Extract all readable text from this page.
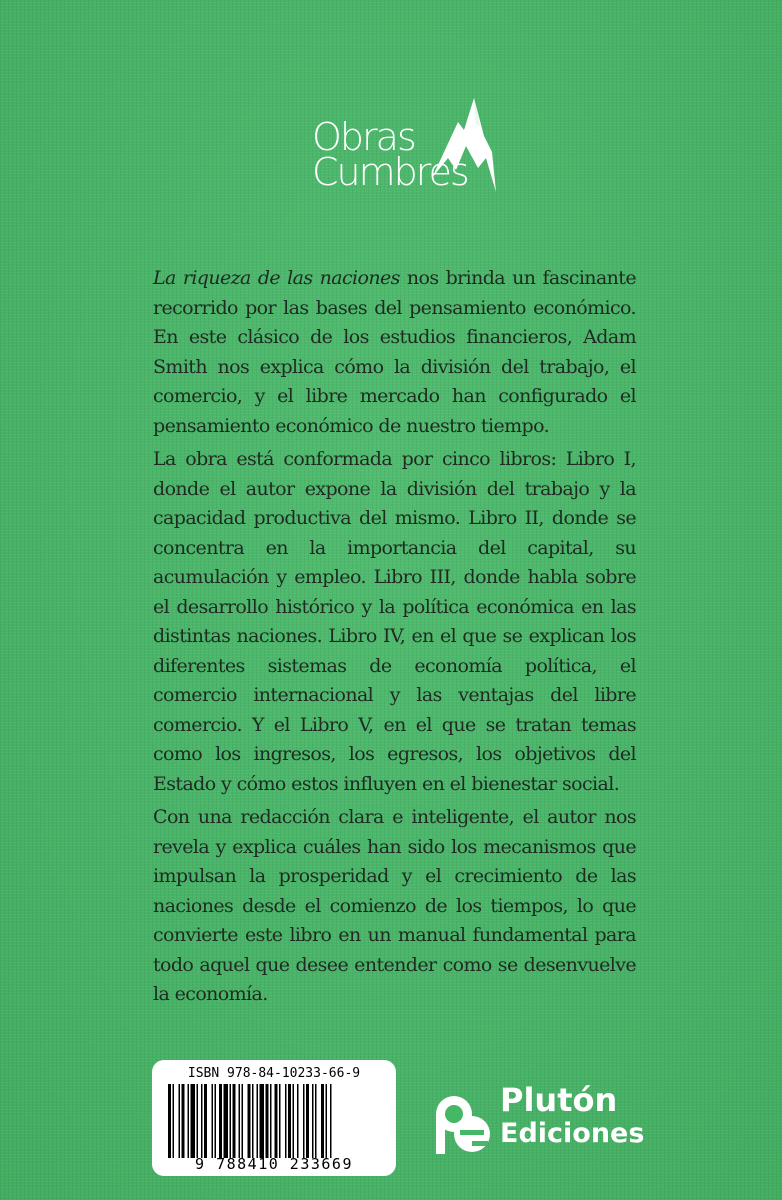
Obras
Cumbres

La riqueza de las naciones nos brinda un fascinante recorrido por las bases del pensamiento económico. En este clásico de los estudios financieros, Adam Smith nos explica cómo la división del trabajo, el comercio, y el libre mercado han configurado el pensamiento económico de nuestro tiempo.

La obra está conformada por cinco libros: Libro I, donde el autor expone la división del trabajo y la capacidad productiva del mismo. Libro II, donde se concentra en la importancia del capital, su acumulación y empleo. Libro III, donde habla sobre el desarrollo histórico y la política económica en las distintas naciones. Libro IV, en el que se explican los diferentes sistemas de economía política, el comercio internacional y las ventajas del libre comercio. Y el Libro V, en el que se tratan temas como los ingresos, los egresos, los objetivos del Estado y cómo estos influyen en el bienestar social.

Con una redacción clara e inteligente, el autor nos revela y explica cuáles han sido los mecanismos que impulsan la prosperidad y el crecimiento de las naciones desde el comienzo de los tiempos, lo que convierte este libro en un manual fundamental para todo aquel que desee entender como se desenvuelve la economía.

ISBN 978-84-10233-66-9
9 788410 233669
Plutón
Ediciones
